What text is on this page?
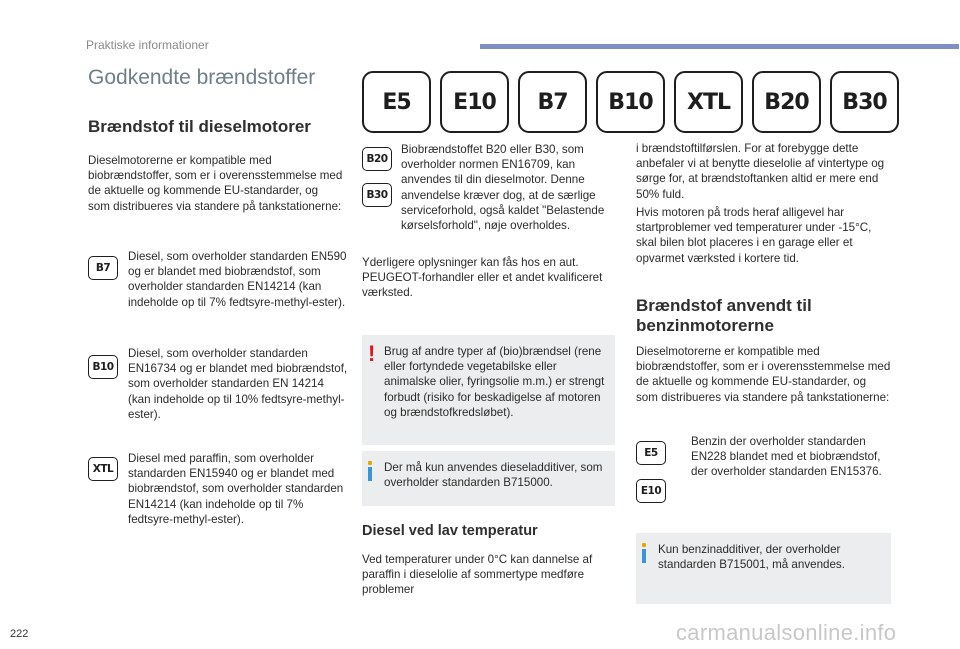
Praktiske informationer
Godkendte brændstoffer
E5	E10	B7	B10	XTL	B20	B30
Brændstof til dieselmotorer
Dieselmotorerne er kompatible med biobrændstoffer, som er i overensstemmelse med de aktuelle og kommende EU-standarder, og som distribueres via standere på tankstationerne:
B7
Diesel, som overholder standarden EN590 og er blandet med biobrændstof, som overholder standarden EN14214 (kan indeholde op til 7% fedtsyre-methyl-ester).
B10
Diesel, som overholder standarden EN16734 og er blandet med biobrændstof, som overholder standarden EN 14214 (kan indeholde op til 10% fedtsyre-methyl-ester).
XTL
Diesel med paraffin, som overholder standarden EN15940 og er blandet med biobrændstof, som overholder standarden EN14214 (kan indeholde op til 7% fedtsyre-methyl-ester).
B20
B30
Biobrændstoffet B20 eller B30, som overholder normen EN16709, kan anvendes til din dieselmotor. Denne anvendelse kræver dog, at de særlige serviceforhold, også kaldet "Belastende kørselsforhold", nøje overholdes.
Yderligere oplysninger kan fås hos en aut. PEUGEOT-forhandler eller et andet kvalificeret værksted.
! Brug af andre typer af (bio)brændsel (rene eller fortyndede vegetabilske eller animalske olier, fyringsolie m.m.) er strengt forbudt (risiko for beskadigelse af motoren og brændstofkredsløbet).
Der må kun anvendes dieseladditiver, som overholder standarden B715000.
Diesel ved lav temperatur
Ved temperaturer under 0°C kan dannelse af paraffin i dieselolie af sommertype medføre problemer
i brændstoftilførslen. For at forebygge dette anbefaler vi at benytte dieselolie af vintertype og sørge for, at brændstoftanken altid er mere end 50% fuld.
Hvis motoren på trods heraf alligevel har startproblemer ved temperaturer under -15°C, skal bilen blot placeres i en garage eller et opvarmet værksted i kortere tid.
Brændstof anvendt til
benzinmotorerne
Dieselmotorerne er kompatible med biobrændstoffer, som er i overensstemmelse med de aktuelle og kommende EU-standarder, og som distribueres via standere på tankstationerne:
E5
E10
Benzin der overholder standarden EN228 blandet med et biobrændstof, der overholder standarden EN15376.
Kun benzinadditiver, der overholder standarden B715001, må anvendes.
222	carmanualsonline.info
